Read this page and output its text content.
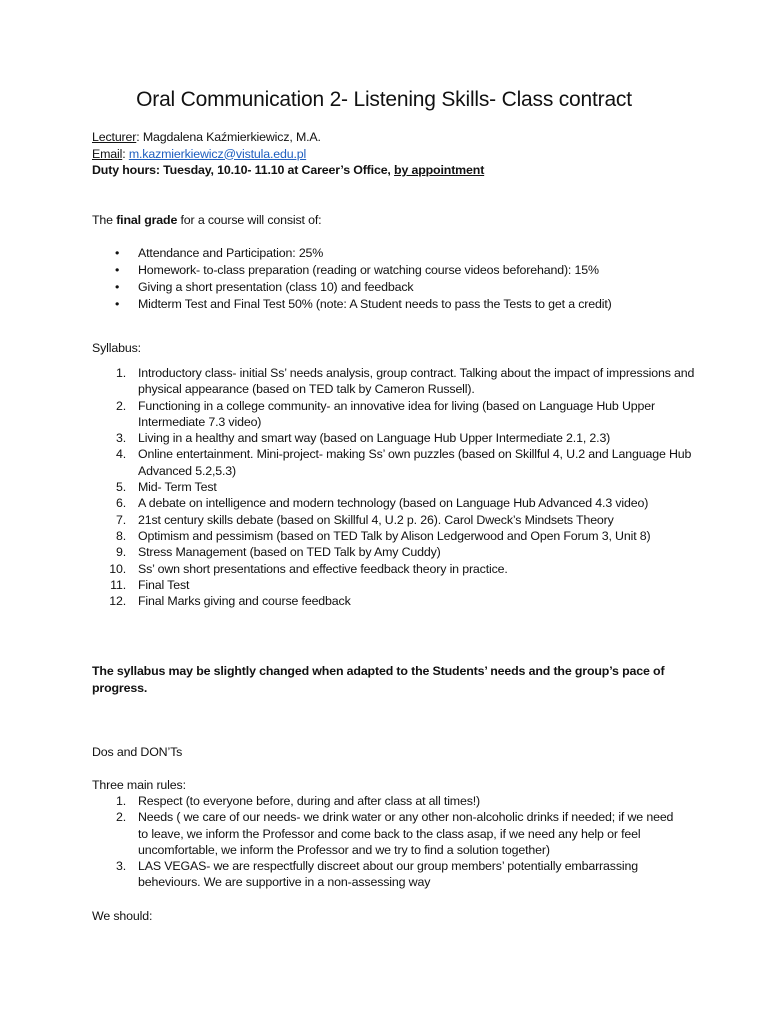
Oral Communication 2- Listening Skills- Class contract
Lecturer: Magdalena Kaźmierkiewicz, M.A.
Email: m.kazmierkiewicz@vistula.edu.pl
Duty hours: Tuesday, 10.10- 11.10 at Career’s Office, by appointment
The final grade for a course will consist of:
• Attendance and Participation: 25%
• Homework- to-class preparation (reading or watching course videos beforehand): 15%
• Giving a short presentation (class 10) and feedback
• Midterm Test and Final Test 50% (note: A Student needs to pass the Tests to get a credit)
Syllabus:
1. Introductory class- initial Ss’ needs analysis, group contract. Talking about the impact of impressions and physical appearance (based on TED talk by Cameron Russell).
2. Functioning in a college community- an innovative idea for living (based on Language Hub Upper Intermediate 7.3 video)
3. Living in a healthy and smart way (based on Language Hub Upper Intermediate 2.1, 2.3)
4. Online entertainment. Mini-project- making Ss’ own puzzles (based on Skillful 4, U.2 and Language Hub Advanced 5.2,5.3)
5. Mid- Term Test
6. A debate on intelligence and modern technology (based on Language Hub Advanced 4.3 video)
7. 21st century skills debate (based on Skillful 4, U.2 p. 26). Carol Dweck’s Mindsets Theory
8. Optimism and pessimism (based on TED Talk by Alison Ledgerwood and Open Forum 3, Unit 8)
9. Stress Management (based on TED Talk by Amy Cuddy)
10. Ss’ own short presentations and effective feedback theory in practice.
11. Final Test
12. Final Marks giving and course feedback
The syllabus may be slightly changed when adapted to the Students’ needs and the group’s pace of progress.
Dos and DON’Ts
Three main rules:
1. Respect (to everyone before, during and after class at all times!)
2. Needs ( we care of our needs- we drink water or any other non-alcoholic drinks if needed; if we need to leave, we inform the Professor and come back to the class asap, if we need any help or feel uncomfortable, we inform the Professor and we try to find a solution together)
3. LAS VEGAS- we are respectfully discreet about our group members’ potentially embarrassing beheviours. We are supportive in a non-assessing way
We should:
